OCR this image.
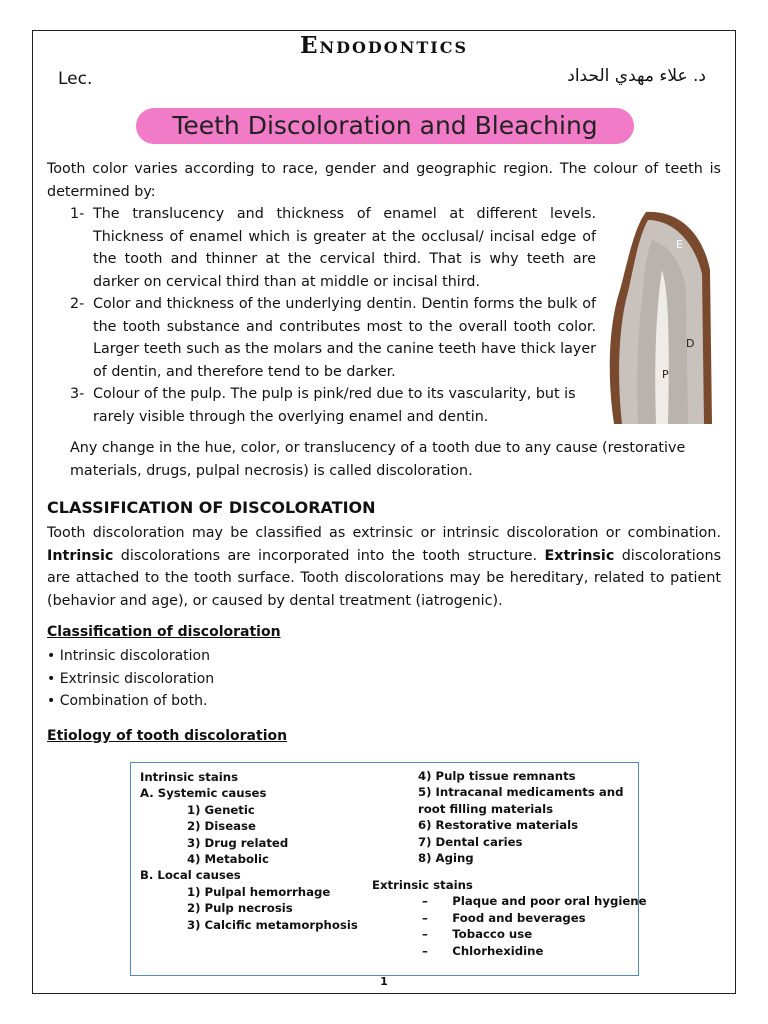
Endodontics
Lec.	د. علاء مهدي الحداد
Teeth Discoloration and Bleaching
Tooth color varies according to race, gender and geographic region. The colour of teeth is determined by:
1- The translucency and thickness of enamel at different levels. Thickness of enamel which is greater at the occlusal/ incisal edge of the tooth and thinner at the cervical third. That is why teeth are darker on cervical third than at middle or incisal third.
2- Color and thickness of the underlying dentin. Dentin forms the bulk of the tooth substance and contributes most to the overall tooth color. Larger teeth such as the molars and the canine teeth have thick layer of dentin, and therefore tend to be darker.
3- Colour of the pulp. The pulp is pink/red due to its vascularity, but is rarely visible through the overlying enamel and dentin.
E
D
P
Any change in the hue, color, or translucency of a tooth due to any cause (restorative materials, drugs, pulpal necrosis) is called discoloration.
CLASSIFICATION OF DISCOLORATION
Tooth discoloration may be classified as extrinsic or intrinsic discoloration or combination. Intrinsic discolorations are incorporated into the tooth structure. Extrinsic discolorations are attached to the tooth surface. Tooth discolorations may be hereditary, related to patient (behavior and age), or caused by dental treatment (iatrogenic).
Classification of discoloration
• Intrinsic discoloration
• Extrinsic discoloration
• Combination of both.
Etiology of tooth discoloration
Intrinsic stains
A. Systemic causes
1) Genetic
2) Disease
3) Drug related
4) Metabolic
B. Local causes
1) Pulpal hemorrhage
2) Pulp necrosis
3) Calcific metamorphosis
4) Pulp tissue remnants
5) Intracanal medicaments and root filling materials
6) Restorative materials
7) Dental caries
8) Aging
Extrinsic stains
–      Plaque and poor oral hygiene
–      Food and beverages
–      Tobacco use
–      Chlorhexidine
1
